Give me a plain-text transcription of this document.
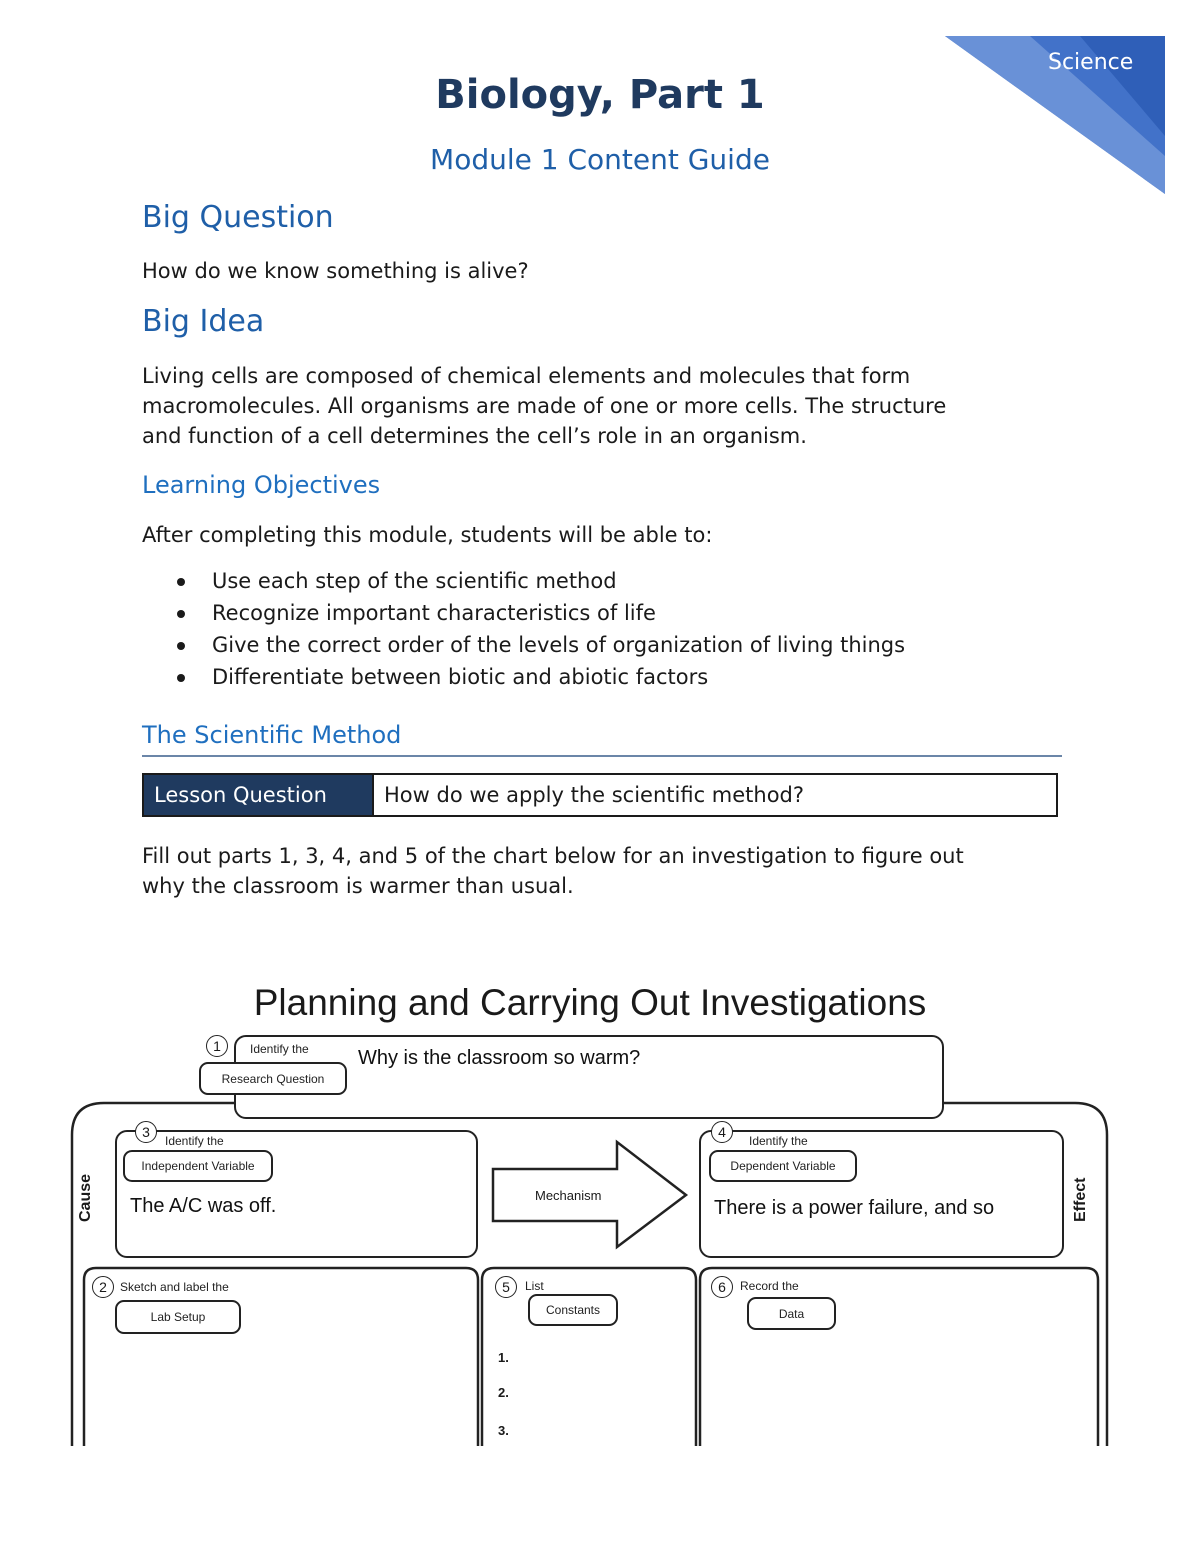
Science
Biology, Part 1
Module 1 Content Guide
Big Question
How do we know something is alive?
Big Idea

Living cells are composed of chemical elements and molecules that form

macromolecules. All organisms are made of one or more cells. The structure

and function of a cell determines the cell’s role in an organism.

Learning Objectives
After completing this module, students will be able to:
Use each step of the scientific method
Recognize important characteristics of life
Give the correct order of the levels of organization of living things
Differentiate between biotic and abiotic factors
The Scientific Method
Lesson Question	How do we apply the scientific method?

Fill out parts 1, 3, 4, and 5 of the chart below for an investigation to figure out

why the classroom is warmer than usual.

Planning and Carrying Out Investigations
1	Identify the
Research Question
Why is the classroom so warm?
3
Identify the
Independent Variable
The A/C was off.
Cause	Mechanism
4
Identify the
Dependent Variable
There is a power failure, and so	Effect
2	Sketch and label the
Lab Setup
5	List
Constants
1.
2.
3.
6	Record the
Data
